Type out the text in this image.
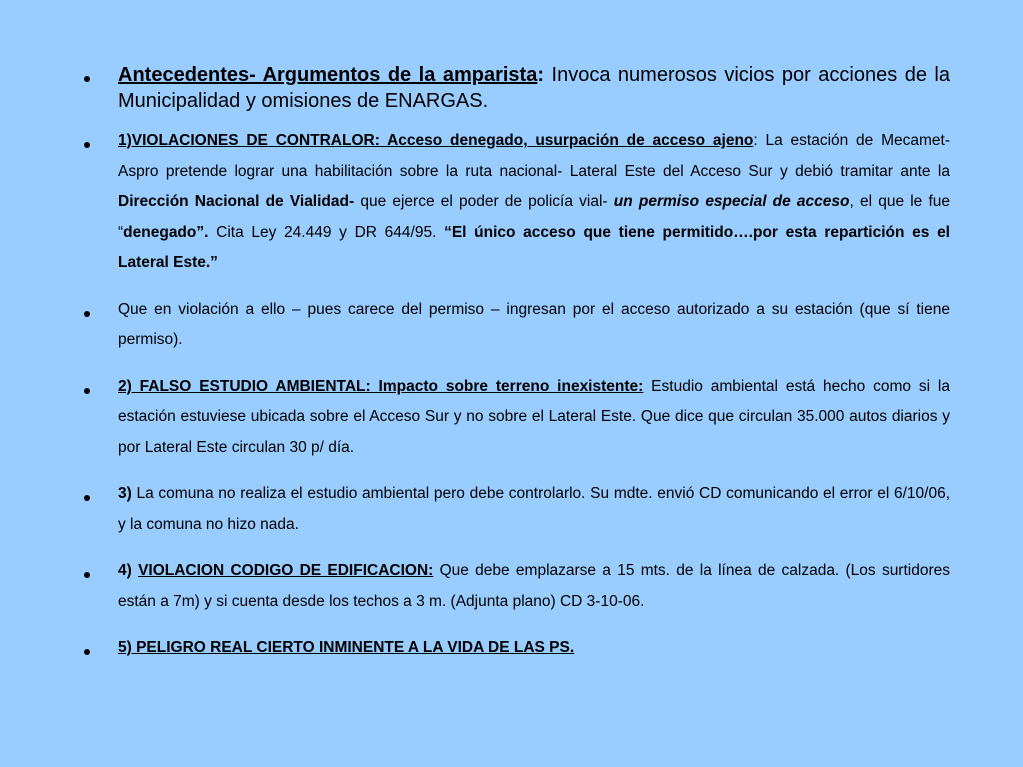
Antecedentes- Argumentos de la amparista: Invoca numerosos vicios por acciones de la Municipalidad y omisiones de ENARGAS.
1)VIOLACIONES DE CONTRALOR: Acceso denegado, usurpación de acceso ajeno: La estación de Mecamet- Aspro pretende lograr una habilitación sobre la ruta nacional- Lateral Este del Acceso Sur y debió tramitar ante la Dirección Nacional de Vialidad- que ejerce el poder de policía vial- un permiso especial de acceso, el que le fue “denegado”. Cita Ley 24.449 y DR 644/95. “El único acceso que tiene permitido….por esta repartición es el Lateral Este.”
Que en violación a ello – pues carece del permiso – ingresan por el acceso autorizado a su estación (que sí tiene permiso).
2) FALSO ESTUDIO AMBIENTAL: Impacto sobre terreno inexistente: Estudio ambiental está hecho como si la estación estuviese ubicada sobre el Acceso Sur y no sobre el Lateral Este. Que dice que circulan 35.000 autos diarios y por Lateral Este circulan 30 p/ día.
3) La comuna no realiza el estudio ambiental pero debe controlarlo. Su mdte. envió CD comunicando el error el 6/10/06, y la comuna no hizo nada.
4) VIOLACION CODIGO DE EDIFICACION: Que debe emplazarse a 15 mts. de la línea de calzada. (Los surtidores están a 7m) y si cuenta desde los techos a 3 m. (Adjunta plano) CD 3-10-06.
5) PELIGRO REAL CIERTO INMINENTE A LA VIDA DE LAS PS.
